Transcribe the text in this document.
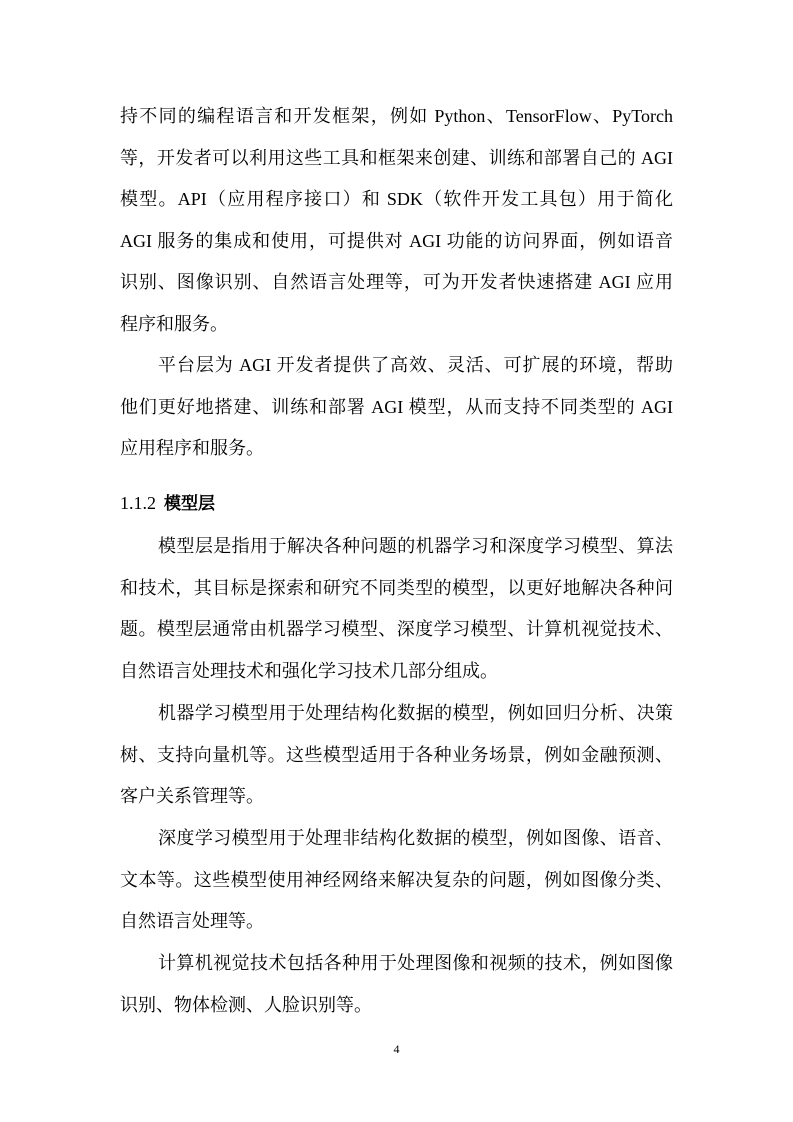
持不同的编程语言和开发框架，例如 Python、TensorFlow、PyTorch
等，开发者可以利用这些工具和框架来创建、训练和部署自己的 AGI
模型。API（应用程序接口）和 SDK（软件开发工具包）用于简化
AGI 服务的集成和使用，可提供对 AGI 功能的访问界面，例如语音
识别、图像识别、自然语言处理等，可为开发者快速搭建 AGI 应用
程序和服务。
平台层为 AGI 开发者提供了高效、灵活、可扩展的环境，帮助
他们更好地搭建、训练和部署 AGI 模型，从而支持不同类型的 AGI
应用程序和服务。
1.1.2 模型层
模型层是指用于解决各种问题的机器学习和深度学习模型、算法
和技术，其目标是探索和研究不同类型的模型，以更好地解决各种问
题。模型层通常由机器学习模型、深度学习模型、计算机视觉技术、
自然语言处理技术和强化学习技术几部分组成。
机器学习模型用于处理结构化数据的模型，例如回归分析、决策
树、支持向量机等。这些模型适用于各种业务场景，例如金融预测、
客户关系管理等。
深度学习模型用于处理非结构化数据的模型，例如图像、语音、
文本等。这些模型使用神经网络来解决复杂的问题，例如图像分类、
自然语言处理等。
计算机视觉技术包括各种用于处理图像和视频的技术，例如图像
识别、物体检测、人脸识别等。
4
